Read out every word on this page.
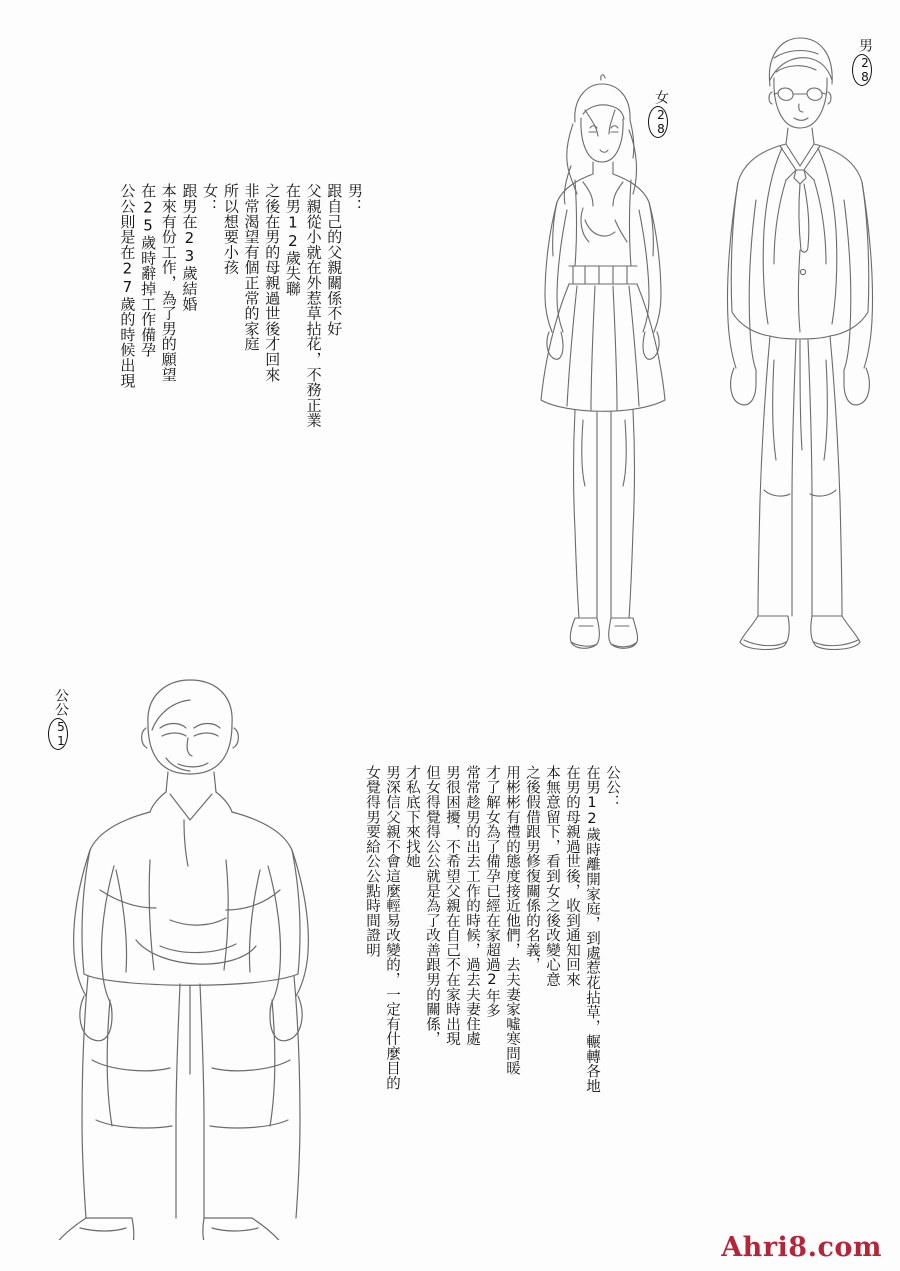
男：
跟自己的父親關係不好
父親從小就在外惹草拈花，不務正業
在男12歲失聯
之後在男的母親過世後才回來
非常渴望有個正常的家庭
所以想要小孩
女：
跟男在23歲結婚
本來有份工作，為了男的願望
在25歲時辭掉工作備孕
公公則是在27歲的時候出現

公公：
在男12歲時離開家庭，到處惹花拈草，輾轉各地
在男的母親過世後，收到通知回來
本無意留下，看到女之後改變心意
之後假借跟男修復關係的名義，
用彬彬有禮的態度接近他們，去夫妻家噓寒問暖
才了解女為了備孕已經在家超過2年多
常常趁男的出去工作的時候，過去夫妻住處
男很困擾，不希望父親在自己不在家時出現
但女得覺得公公就是為了改善跟男的關係，
才私底下來找她
男深信父親不會這麼輕易改變的，一定有什麼目的
女覺得男要給公公點時間證明

男28
女28
公公51
Ahri8.com
